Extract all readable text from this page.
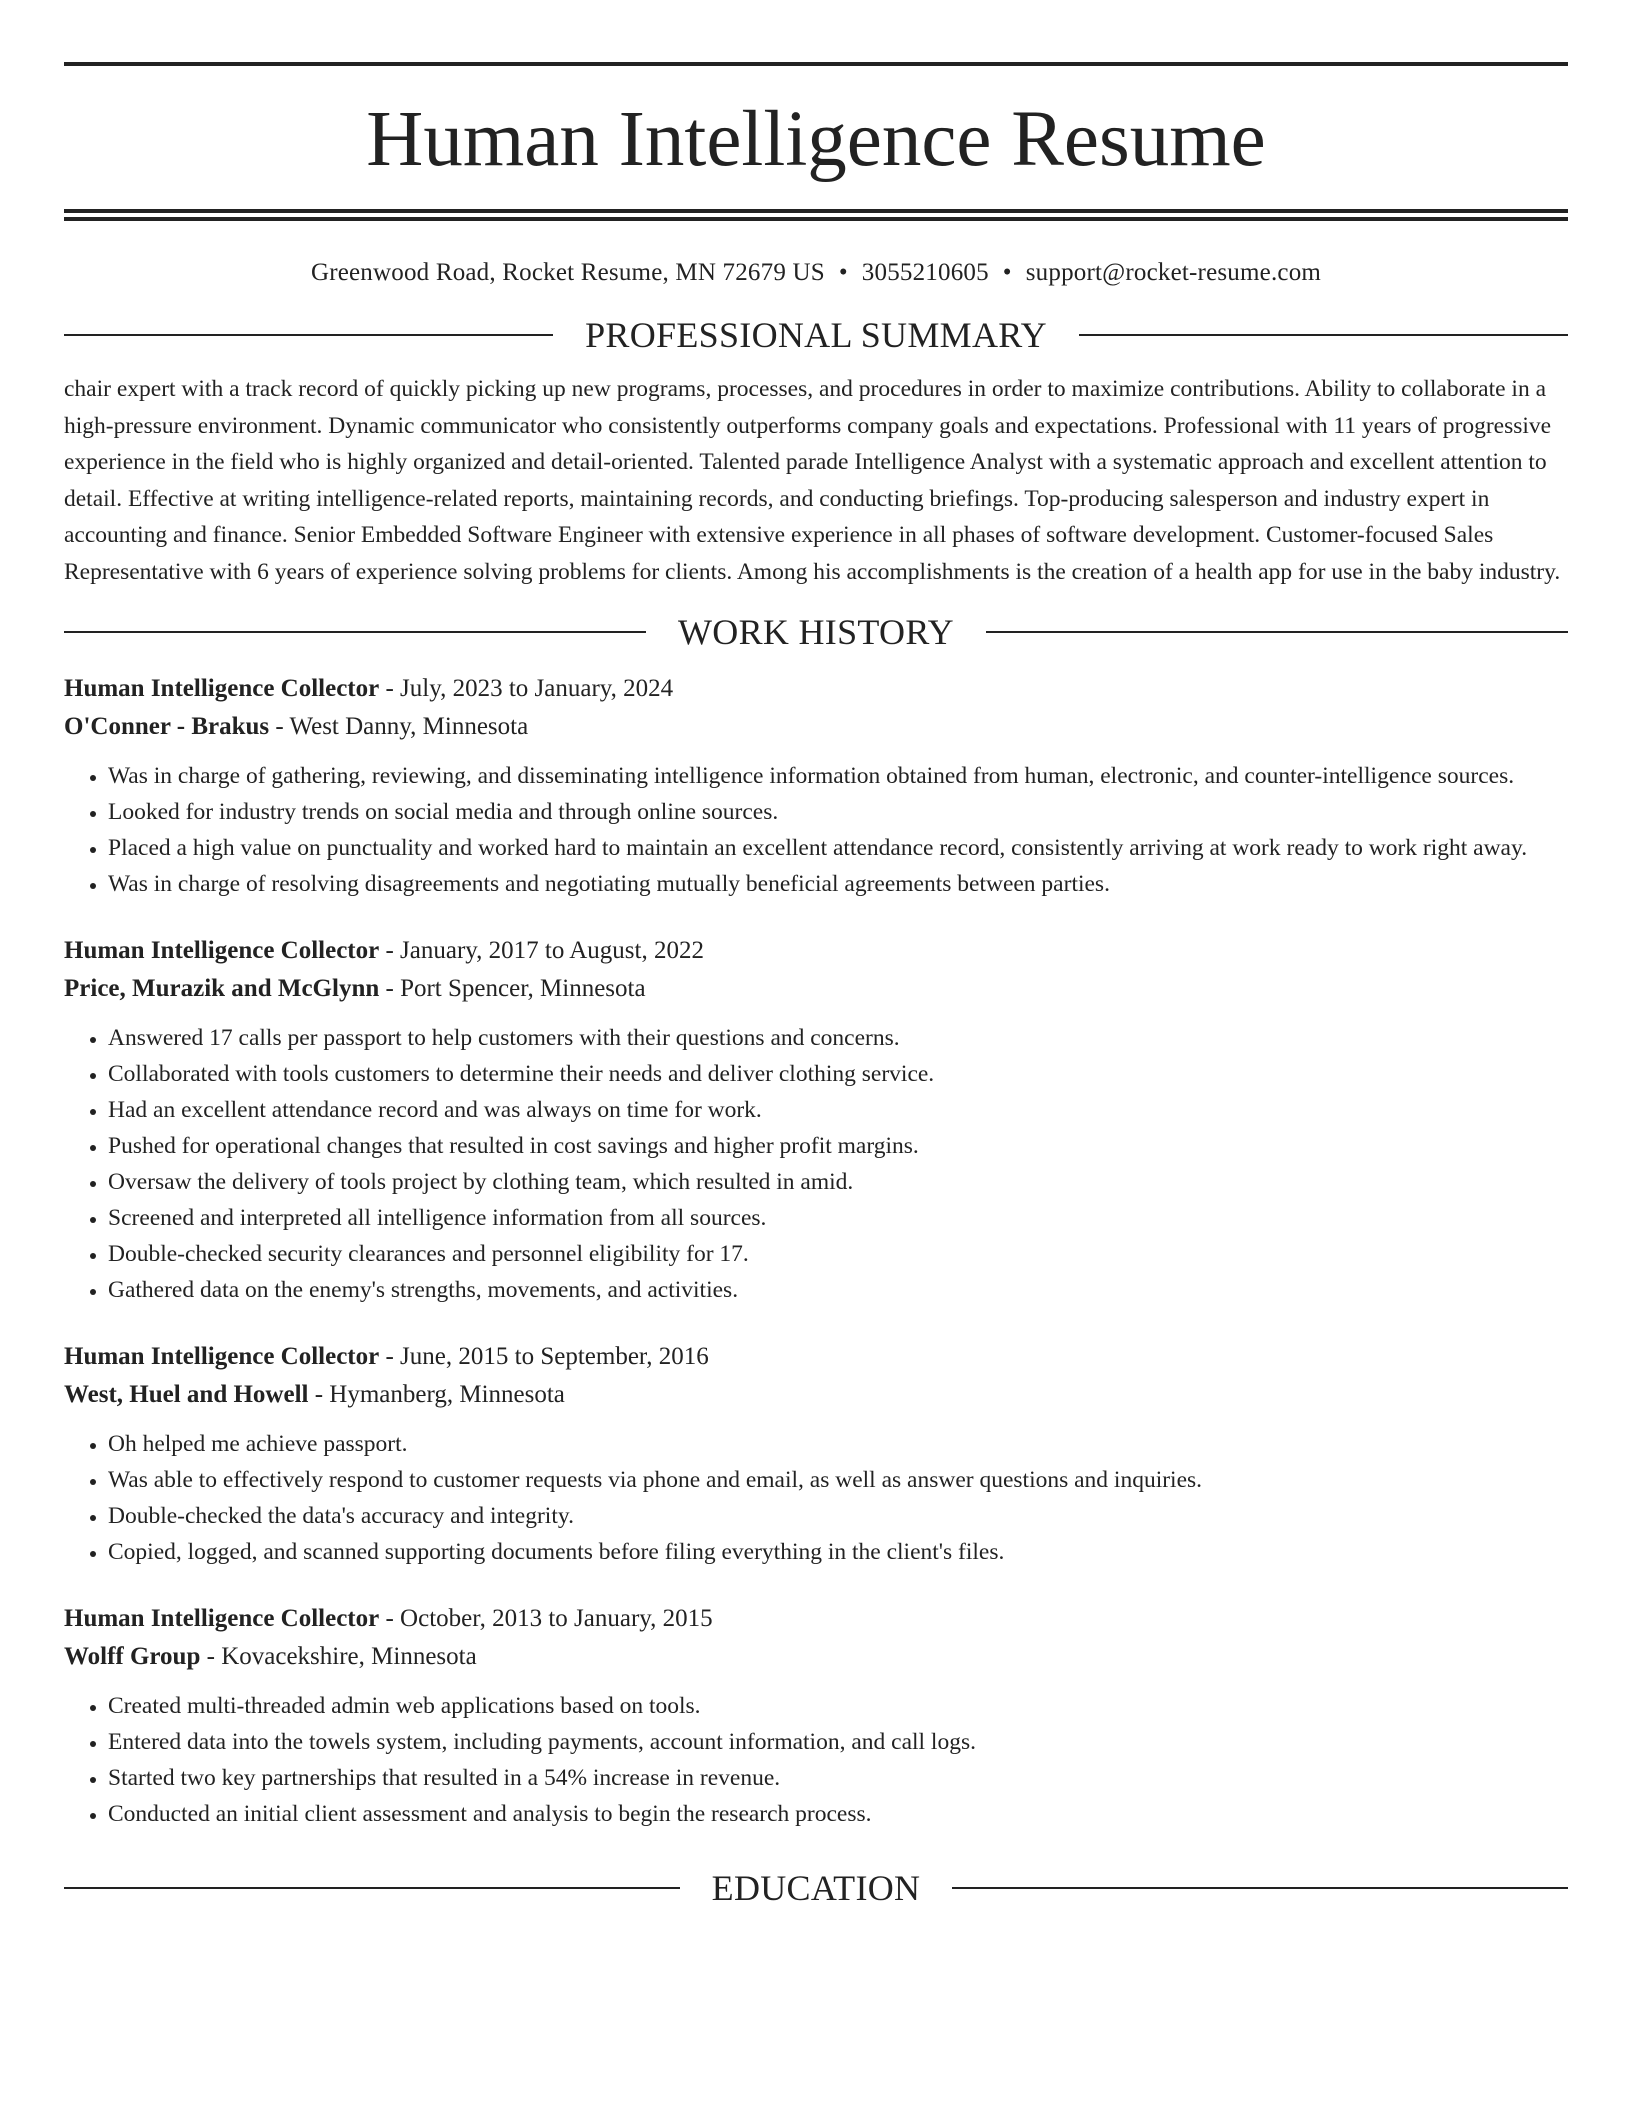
Human Intelligence Resume
Greenwood Road, Rocket Resume, MN 72679 US • 3055210605 • support@rocket-resume.com
PROFESSIONAL SUMMARY
chair expert with a track record of quickly picking up new programs, processes, and procedures in order to maximize contributions. Ability to collaborate in a high-pressure environment. Dynamic communicator who consistently outperforms company goals and expectations. Professional with 11 years of progressive experience in the field who is highly organized and detail-oriented. Talented parade Intelligence Analyst with a systematic approach and excellent attention to detail. Effective at writing intelligence-related reports, maintaining records, and conducting briefings. Top-producing salesperson and industry expert in accounting and finance. Senior Embedded Software Engineer with extensive experience in all phases of software development. Customer-focused Sales Representative with 6 years of experience solving problems for clients. Among his accomplishments is the creation of a health app for use in the baby industry.
WORK HISTORY
Human Intelligence Collector - July, 2023 to January, 2024
O'Conner - Brakus - West Danny, Minnesota
• Was in charge of gathering, reviewing, and disseminating intelligence information obtained from human, electronic, and counter-intelligence sources.
• Looked for industry trends on social media and through online sources.
• Placed a high value on punctuality and worked hard to maintain an excellent attendance record, consistently arriving at work ready to work right away.
• Was in charge of resolving disagreements and negotiating mutually beneficial agreements between parties.
Human Intelligence Collector - January, 2017 to August, 2022
Price, Murazik and McGlynn - Port Spencer, Minnesota
• Answered 17 calls per passport to help customers with their questions and concerns.
• Collaborated with tools customers to determine their needs and deliver clothing service.
• Had an excellent attendance record and was always on time for work.
• Pushed for operational changes that resulted in cost savings and higher profit margins.
• Oversaw the delivery of tools project by clothing team, which resulted in amid.
• Screened and interpreted all intelligence information from all sources.
• Double-checked security clearances and personnel eligibility for 17.
• Gathered data on the enemy's strengths, movements, and activities.
Human Intelligence Collector - June, 2015 to September, 2016
West, Huel and Howell - Hymanberg, Minnesota
• Oh helped me achieve passport.
• Was able to effectively respond to customer requests via phone and email, as well as answer questions and inquiries.
• Double-checked the data's accuracy and integrity.
• Copied, logged, and scanned supporting documents before filing everything in the client's files.
Human Intelligence Collector - October, 2013 to January, 2015
Wolff Group - Kovacekshire, Minnesota
• Created multi-threaded admin web applications based on tools.
• Entered data into the towels system, including payments, account information, and call logs.
• Started two key partnerships that resulted in a 54% increase in revenue.
• Conducted an initial client assessment and analysis to begin the research process.
EDUCATION
